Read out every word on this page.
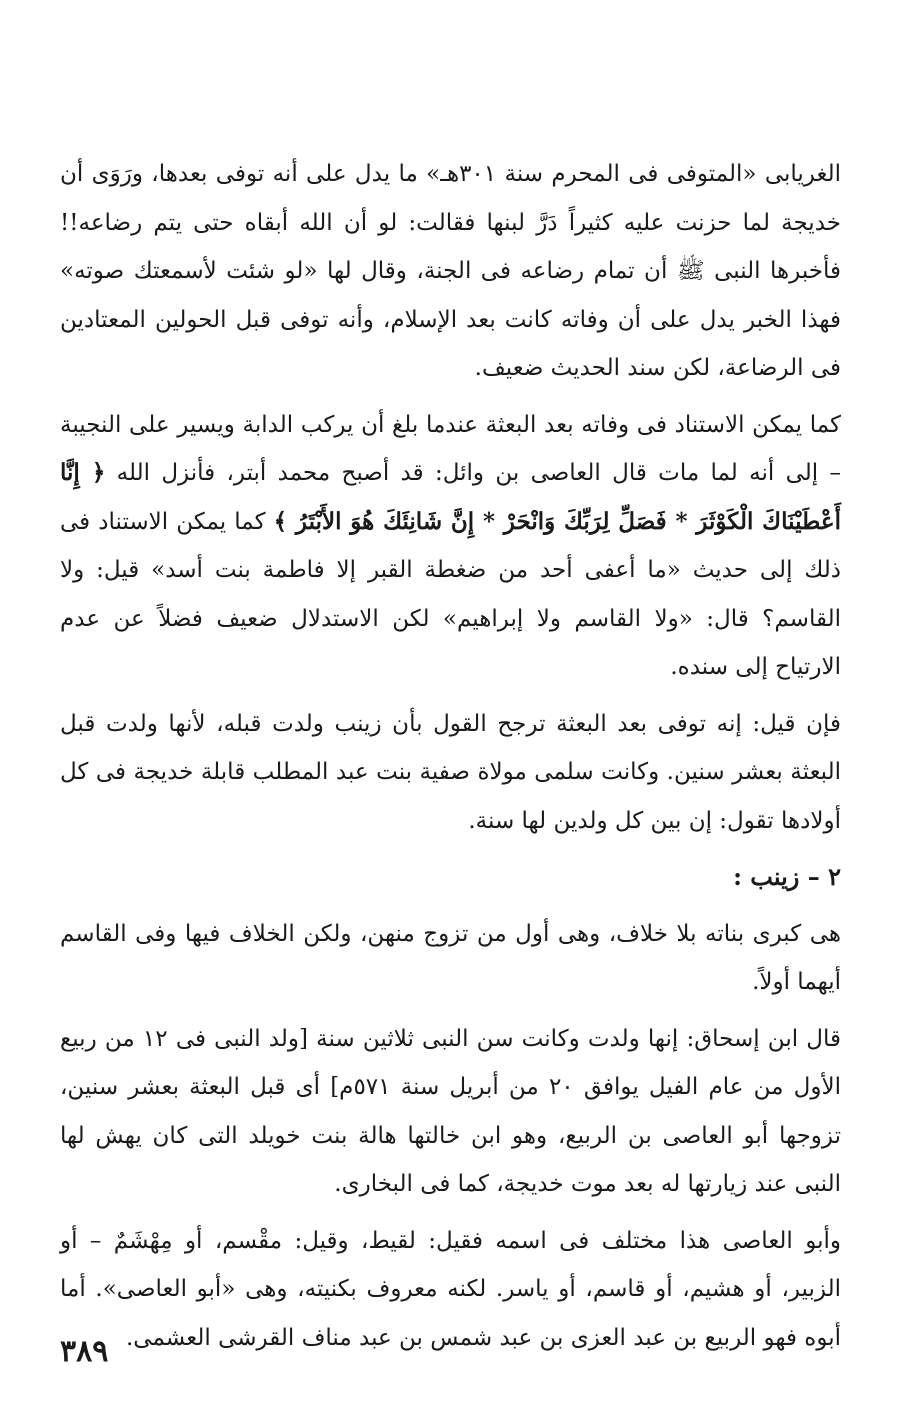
الغريابى «المتوفى فى المحرم سنة ٣٠١هـ» ما يدل على أنه توفى بعدها، ورَوَى أن خديجة لما حزنت عليه كثيراً دَرَّ لبنها فقالت: لو أن الله أبقاه حتى يتم رضاعه!! فأخبرها النبى ﷺ أن تمام رضاعه فى الجنة، وقال لها «لو شئت لأسمعتك صوته» فهذا الخبر يدل على أن وفاته كانت بعد الإسلام، وأنه توفى قبل الحولين المعتادين فى الرضاعة، لكن سند الحديث ضعيف.

كما يمكن الاستناد فى وفاته بعد البعثة عندما بلغ أن يركب الدابة ويسير على النجيبة – إلى أنه لما مات قال العاصى بن وائل: قد أصبح محمد أبتر، فأنزل الله ﴿ إِنَّا أَعْطَيْنَاكَ الْكَوْثَرَ * فَصَلِّ لِرَبِّكَ وَانْحَرْ * إِنَّ شَانِئَكَ هُوَ الأَبْتَرُ ﴾ كما يمكن الاستناد فى ذلك إلى حديث «ما أعفى أحد من ضغطة القبر إلا فاطمة بنت أسد» قيل: ولا القاسم؟ قال: «ولا القاسم ولا إبراهيم» لكن الاستدلال ضعيف فضلاً عن عدم الارتياح إلى سنده.

فإن قيل: إنه توفى بعد البعثة ترجح القول بأن زينب ولدت قبله، لأنها ولدت قبل البعثة بعشر سنين. وكانت سلمى مولاة صفية بنت عبد المطلب قابلة خديجة فى كل أولادها تقول: إن بين كل ولدين لها سنة.

٢ – زينب :

هى كبرى بناته بلا خلاف، وهى أول من تزوج منهن، ولكن الخلاف فيها وفى القاسم أيهما أولاً.

قال ابن إسحاق: إنها ولدت وكانت سن النبى ثلاثين سنة [ولد النبى فى ١٢ من ربيع الأول من عام الفيل يوافق ٢٠ من أبريل سنة ٥٧١م] أى قبل البعثة بعشر سنين، تزوجها أبو العاصى بن الربيع، وهو ابن خالتها هالة بنت خويلد التى كان يهش لها النبى عند زيارتها له بعد موت خديجة، كما فى البخارى.

وأبو العاصى هذا مختلف فى اسمه فقيل: لقيط، وقيل: مقْسم، أو مِهْشَمٌ – أو الزبير، أو هشيم، أو قاسم، أو ياسر. لكنه معروف بكنيته، وهى «أبو العاصى». أما أبوه فهو الربيع بن عبد العزى بن عبد شمس بن عبد مناف القرشى العشمى.

٣٨٩
